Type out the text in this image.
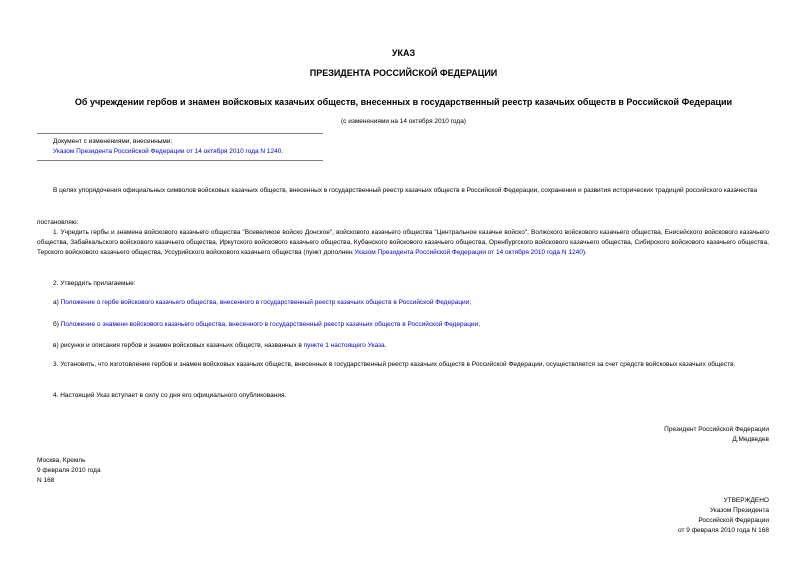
УКАЗ
ПРЕЗИДЕНТА РОССИЙСКОЙ ФЕДЕРАЦИИ
Об учреждении гербов и знамен войсковых казачьих обществ, внесенных в государственный реестр казачьих обществ в Российской Федерации
(с изменениями на 14 октября 2010 года)
Документ с изменениями, внесенными:
Указом Президента Российской Федерации от 14 октября 2010 года N 1240.
В целях упорядочения официальных символов войсковых казачьих обществ, внесенных в государственный реестр казачьих обществ в Российской Федерации, сохранения и развития исторических традиций российского казачества
постановляю:
1. Учредить гербы и знамена войскового казачьего общества "Всевеликое войско Донское", войскового казачьего общества "Центральное казачье войско", Волжского войскового казачьего общества, Енисейского войскового казачьего общества, Забайкальского войскового казачьего общества, Иркутского войскового казачьего общества, Кубанского войскового казачьего общества, Оренбургского войскового казачьего общества, Сибирского войскового казачьего общества, Терского войскового казачьего общества, Уссурийского войскового казачьего общества (пункт дополнен Указом Президента Российской Федерации от 14 октября 2010 года N 1240).
2. Утвердить прилагаемые:
а) Положение о гербе войскового казачьего общества, внесенного в государственный реестр казачьих обществ в Российской Федерации;
б) Положение о знамени войскового казачьего общества, внесенного в государственный реестр казачьих обществ в Российской Федерации;
в) рисунки и описания гербов и знамен войсковых казачьих обществ, названных в пункте 1 настоящего Указа.
3. Установить, что изготовление гербов и знамен войсковых казачьих обществ, внесенных в государственный реестр казачьих обществ в Российской Федерации, осуществляется за счет средств войсковых казачьих обществ.
4. Настоящий Указ вступает в силу со дня его официального опубликования.
Президент Российской Федерации
Д.Медведев
Москва, Кремль
9 февраля 2010 года
N 168
УТВЕРЖДЕНО
Указом Президента
Российской Федерации
от 9 февраля 2010 года N 168
